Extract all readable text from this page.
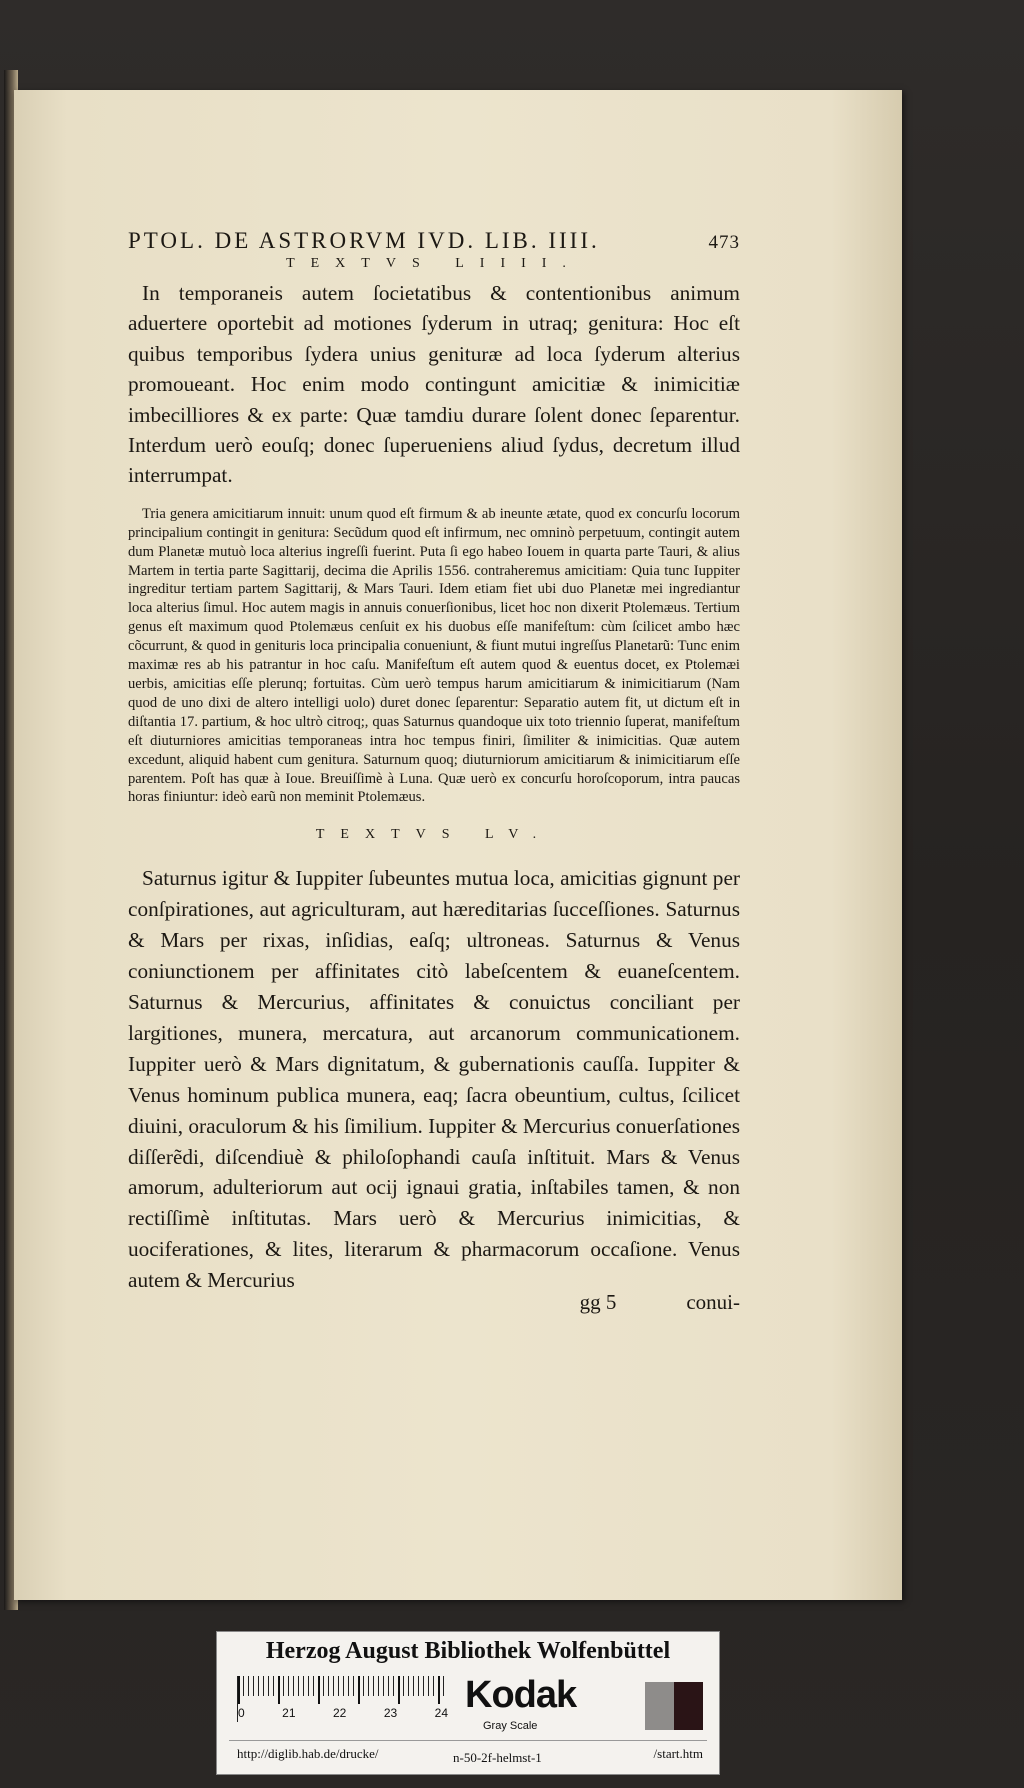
PTOL. DE ASTRORVM IVD. LIB. IIII.	473
TEXTVS LIIII.

In temporaneis autem ſocietatibus & contentionibus animum aduertere oportebit ad motiones ſyderum in utraq; genitura: Hoc eſt quibus temporibus ſydera unius genituræ ad loca ſyderum alterius promoueant. Hoc enim modo contingunt amicitiæ & inimicitiæ imbecilliores & ex parte: Quæ tamdiu durare ſolent donec ſeparentur. Interdum uerò eouſq; donec ſuperueniens aliud ſydus, decretum illud interrumpat.

Tria genera amicitiarum innuit: unum quod eſt firmum & ab ineunte ætate, quod ex concurſu locorum principalium contingit in genitura: Secũdum quod eſt infirmum, nec omninò perpetuum, contingit autem dum Planetæ mutuò loca alterius ingreſſi fuerint. Puta ſi ego habeo Iouem in quarta parte Tauri, & alius Martem in tertia parte Sagittarij, decima die Aprilis 1556. contraheremus amicitiam: Quia tunc Iuppiter ingreditur tertiam partem Sagittarij, & Mars Tauri. Idem etiam fiet ubi duo Planetæ mei ingrediantur loca alterius ſimul. Hoc autem magis in annuis conuerſionibus, licet hoc non dixerit Ptolemæus. Tertium genus eſt maximum quod Ptolemæus cenſuit ex his duobus eſſe manifeſtum: cùm ſcilicet ambo hæc cõcurrunt, & quod in genituris loca principalia conueniunt, & fiunt mutui ingreſſus Planetarũ: Tunc enim maximæ res ab his patrantur in hoc caſu. Manifeſtum eſt autem quod & euentus docet, ex Ptolemæi uerbis, amicitias eſſe plerunq; fortuitas. Cùm uerò tempus harum amicitiarum & inimicitiarum (Nam quod de uno dixi de altero intelligi uolo) duret donec ſeparentur: Separatio autem fit, ut dictum eſt in diſtantia 17. partium, & hoc ultrò citroq;, quas Saturnus quandoque uix toto triennio ſuperat, manifeſtum eſt diuturniores amicitias temporaneas intra hoc tempus finiri, ſimiliter & inimicitias. Quæ autem excedunt, aliquid habent cum genitura. Saturnum quoq; diuturniorum amicitiarum & inimicitiarum eſſe parentem. Poſt has quæ à Ioue. Breuiſſimè à Luna. Quæ uerò ex concurſu horoſcoporum, intra paucas horas finiuntur: ideò earũ non meminit Ptolemæus.

TEXTVS LV.

Saturnus igitur & Iuppiter ſubeuntes mutua loca, amicitias gignunt per conſpirationes, aut agriculturam, aut hæreditarias ſucceſſiones. Saturnus & Mars per rixas, inſidias, eaſq; ultroneas. Saturnus & Venus coniunctionem per affinitates citò labeſcentem & euaneſcentem. Saturnus & Mercurius, affinitates & conuictus conciliant per largitiones, munera, mercatura, aut arcanorum communicationem. Iuppiter uerò & Mars dignitatum, & gubernationis cauſſa. Iuppiter & Venus hominum publica munera, eaq; ſacra obeuntium, cultus, ſcilicet diuini, oraculorum & his ſimilium. Iuppiter & Mercurius conuerſationes diſſerẽdi, diſcendiuè & philoſophandi cauſa inſtituit. Mars & Venus amorum, adulteriorum aut ocij ignaui gratia, inſtabiles tamen, & non rectiſſimè inſtitutas. Mars uerò & Mercurius inimicitias, & uociferationes, & lites, literarum & pharmacorum occaſione. Venus autem & Mercurius

gg 5	conui-
Herzog August Bibliothek Wolfenbüttel
0	21	22	23	24 Kodak
Gray Scale
http://diglib.hab.de/drucke/	n-50-2f-helmst-1	/start.htm
